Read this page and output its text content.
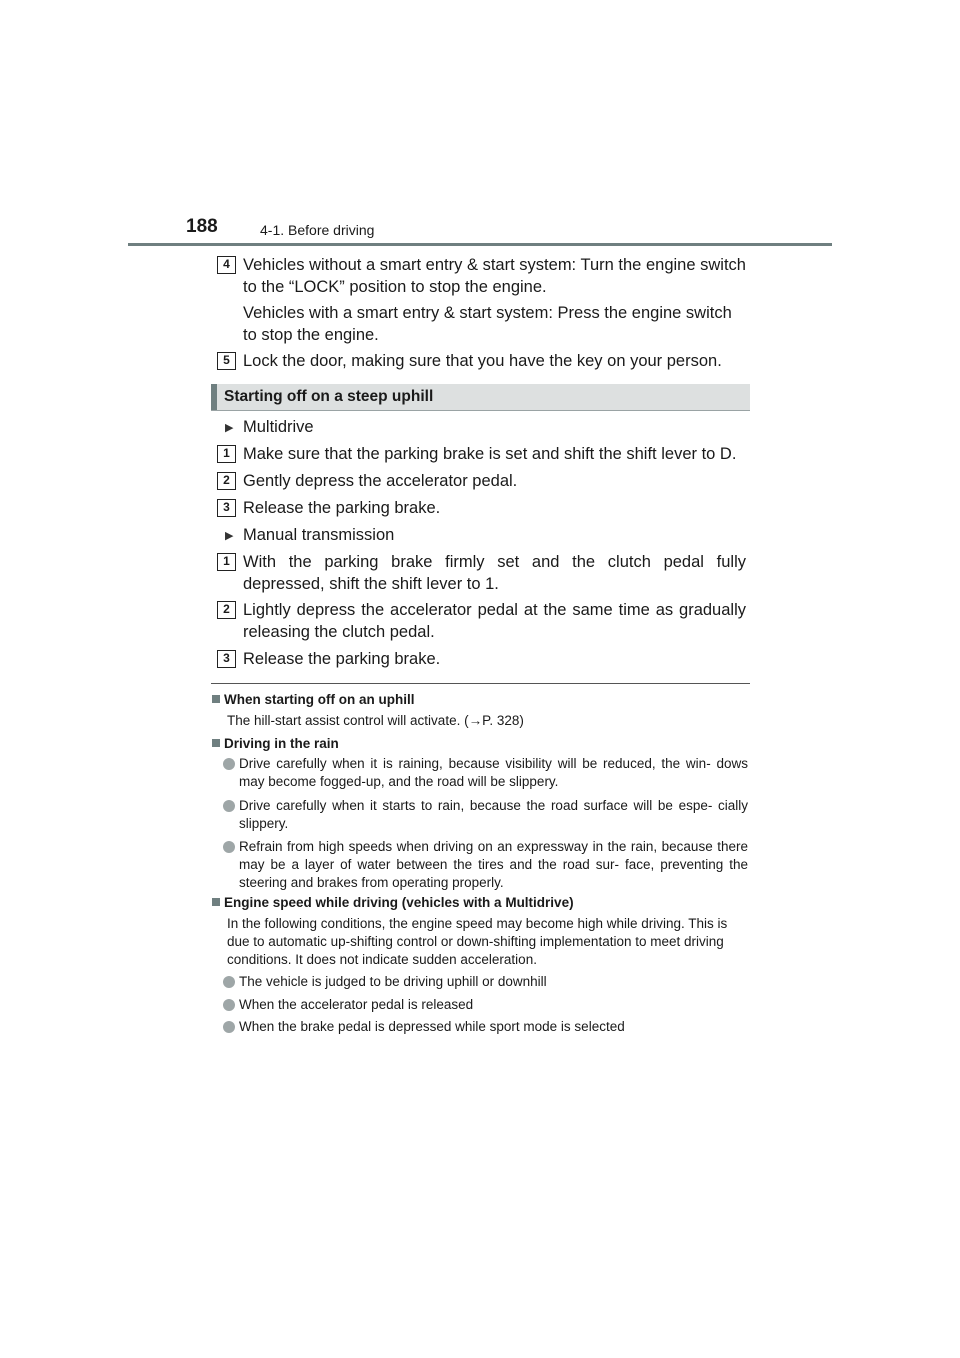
188	4-1. Before driving
4 Vehicles without a smart entry & start system: Turn the engine switch to the “LOCK” position to stop the engine.
Vehicles with a smart entry & start system: Press the engine switch to stop the engine.
5 Lock the door, making sure that you have the key on your person.
Starting off on a steep uphill
▶ Multidrive
1 Make sure that the parking brake is set and shift the shift lever to D.
2 Gently depress the accelerator pedal.
3 Release the parking brake.
▶ Manual transmission
1 With the parking brake firmly set and the clutch pedal fully depressed, shift the shift lever to 1.
2 Lightly depress the accelerator pedal at the same time as gradually releasing the clutch pedal.
3 Release the parking brake.
When starting off on an uphill
The hill-start assist control will activate. (→P. 328)
Driving in the rain
Drive carefully when it is raining, because visibility will be reduced, the win- dows may become fogged-up, and the road will be slippery.
Drive carefully when it starts to rain, because the road surface will be espe- cially slippery.
Refrain from high speeds when driving on an expressway in the rain, because there may be a layer of water between the tires and the road sur- face, preventing the steering and brakes from operating properly.
Engine speed while driving (vehicles with a Multidrive)
In the following conditions, the engine speed may become high while driving. This is due to automatic up-shifting control or down-shifting implementation to meet driving conditions. It does not indicate sudden acceleration.
The vehicle is judged to be driving uphill or downhill
When the accelerator pedal is released
When the brake pedal is depressed while sport mode is selected
